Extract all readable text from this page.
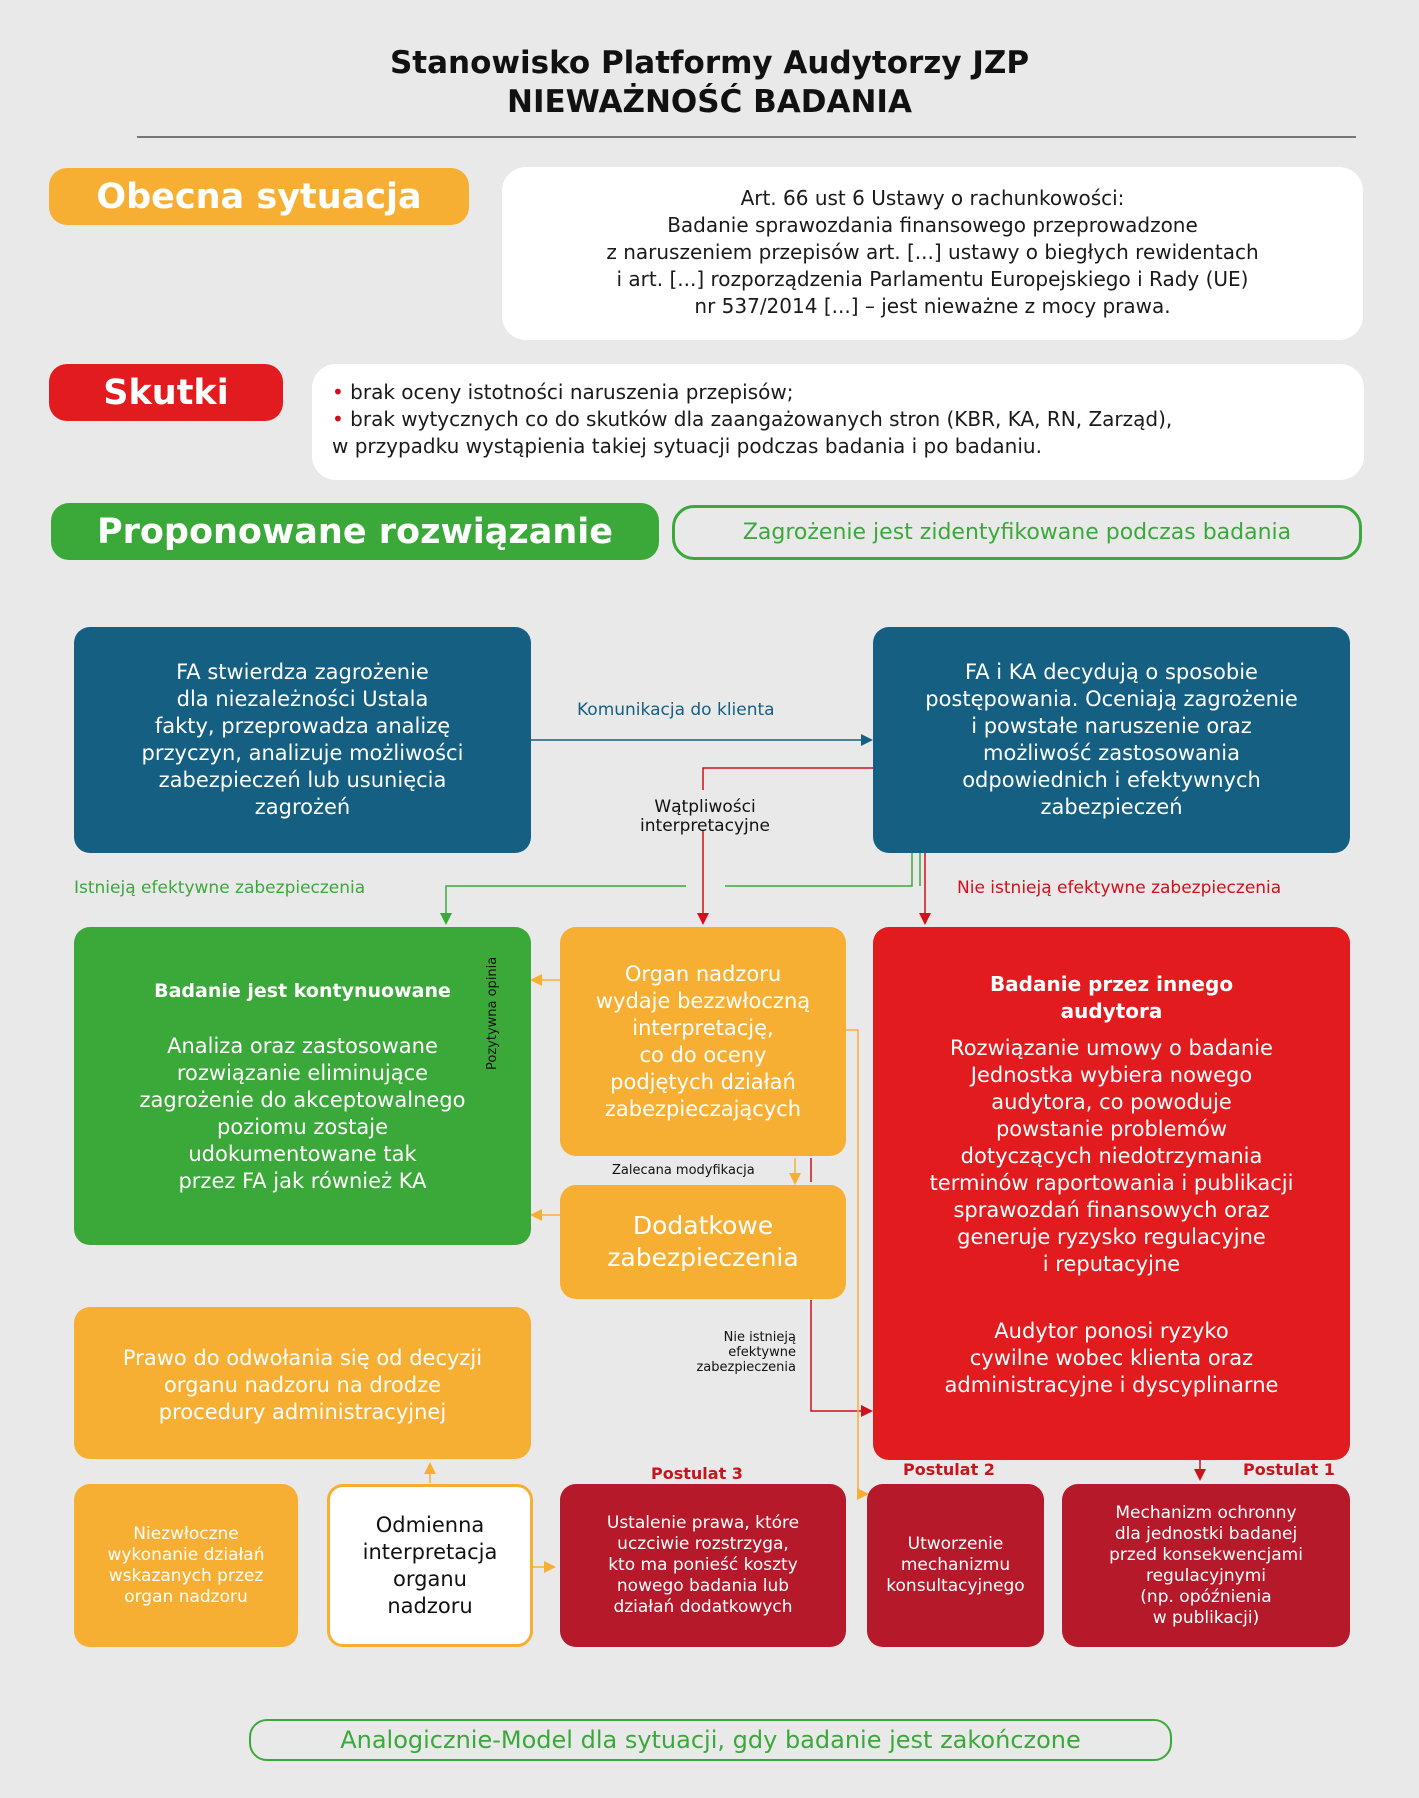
Stanowisko Platformy Audytorzy JZP
NIEWAŻNOŚĆ BADANIA
Obecna sytuacja	Art. 66 ust 6 Ustawy o rachunkowości:
Badanie sprawozdania finansowego przeprowadzone
z naruszeniem przepisów art. [...] ustawy o biegłych rewidentach
i art. [...] rozporządzenia Parlamentu Europejskiego i Rady (UE)
nr 537/2014 [...] – jest nieważne z mocy prawa.
Skutki	• brak oceny istotności naruszenia przepisów;
• brak wytycznych co do skutków dla zaangażowanych stron (KBR, KA, RN, Zarząd),
w przypadku wystąpienia takiej sytuacji podczas badania i po badaniu.
Proponowane rozwiązanie	Zagrożenie jest zidentyfikowane podczas badania
FA stwierdza zagrożenie
dla niezależności Ustala
fakty, przeprowadza analizę
przyczyn, analizuje możliwości
zabezpieczeń lub usunięcia
zagrożeń
FA i KA decydują o sposobie
postępowania. Oceniają zagrożenie
i powstałe naruszenie oraz
możliwość zastosowania
odpowiednich i efektywnych
zabezpieczeń
Komunikacja do klienta
Wątpliwości
interpretacyjne
Istnieją efektywne zabezpieczenia	Nie istnieją efektywne zabezpieczenia
Badanie jest kontynuowane
Analiza oraz zastosowane
rozwiązanie eliminujące
zagrożenie do akceptowalnego
poziomu zostaje
udokumentowane tak
przez FA jak również KA
Organ nadzoru
wydaje bezzwłoczną
interpretację,
co do oceny
podjętych działań
zabezpieczających
Pozytywna opinia
Zalecana modyfikacja
Dodatkowe
zabezpieczenia
Nie istnieją
efektywne
zabezpieczenia
Badanie przez innego
audytora
Rozwiązanie umowy o badanie
Jednostka wybiera nowego
audytora, co powoduje
powstanie problemów
dotyczących niedotrzymania
terminów raportowania i publikacji
sprawozdań finansowych oraz
generuje ryzysko regulacyjne
i reputacyjne
Audytor ponosi ryzyko
cywilne wobec klienta oraz
administracyjne i dyscyplinarne
Prawo do odwołania się od decyzji
organu nadzoru na drodze
procedury administracyjnej
Niezwłoczne
wykonanie działań
wskazanych przez
organ nadzoru
Odmienna
interpretacja
organu
nadzoru
Postulat 3
Ustalenie prawa, które
uczciwie rozstrzyga,
kto ma ponieść koszty
nowego badania lub
działań dodatkowych
Postulat 2
Utworzenie
mechanizmu
konsultacyjnego
Postulat 1
Mechanizm ochronny
dla jednostki badanej
przed konsekwencjami
regulacyjnymi
(np. opóźnienia
w publikacji)
Analogicznie-Model dla sytuacji, gdy badanie jest zakończone
